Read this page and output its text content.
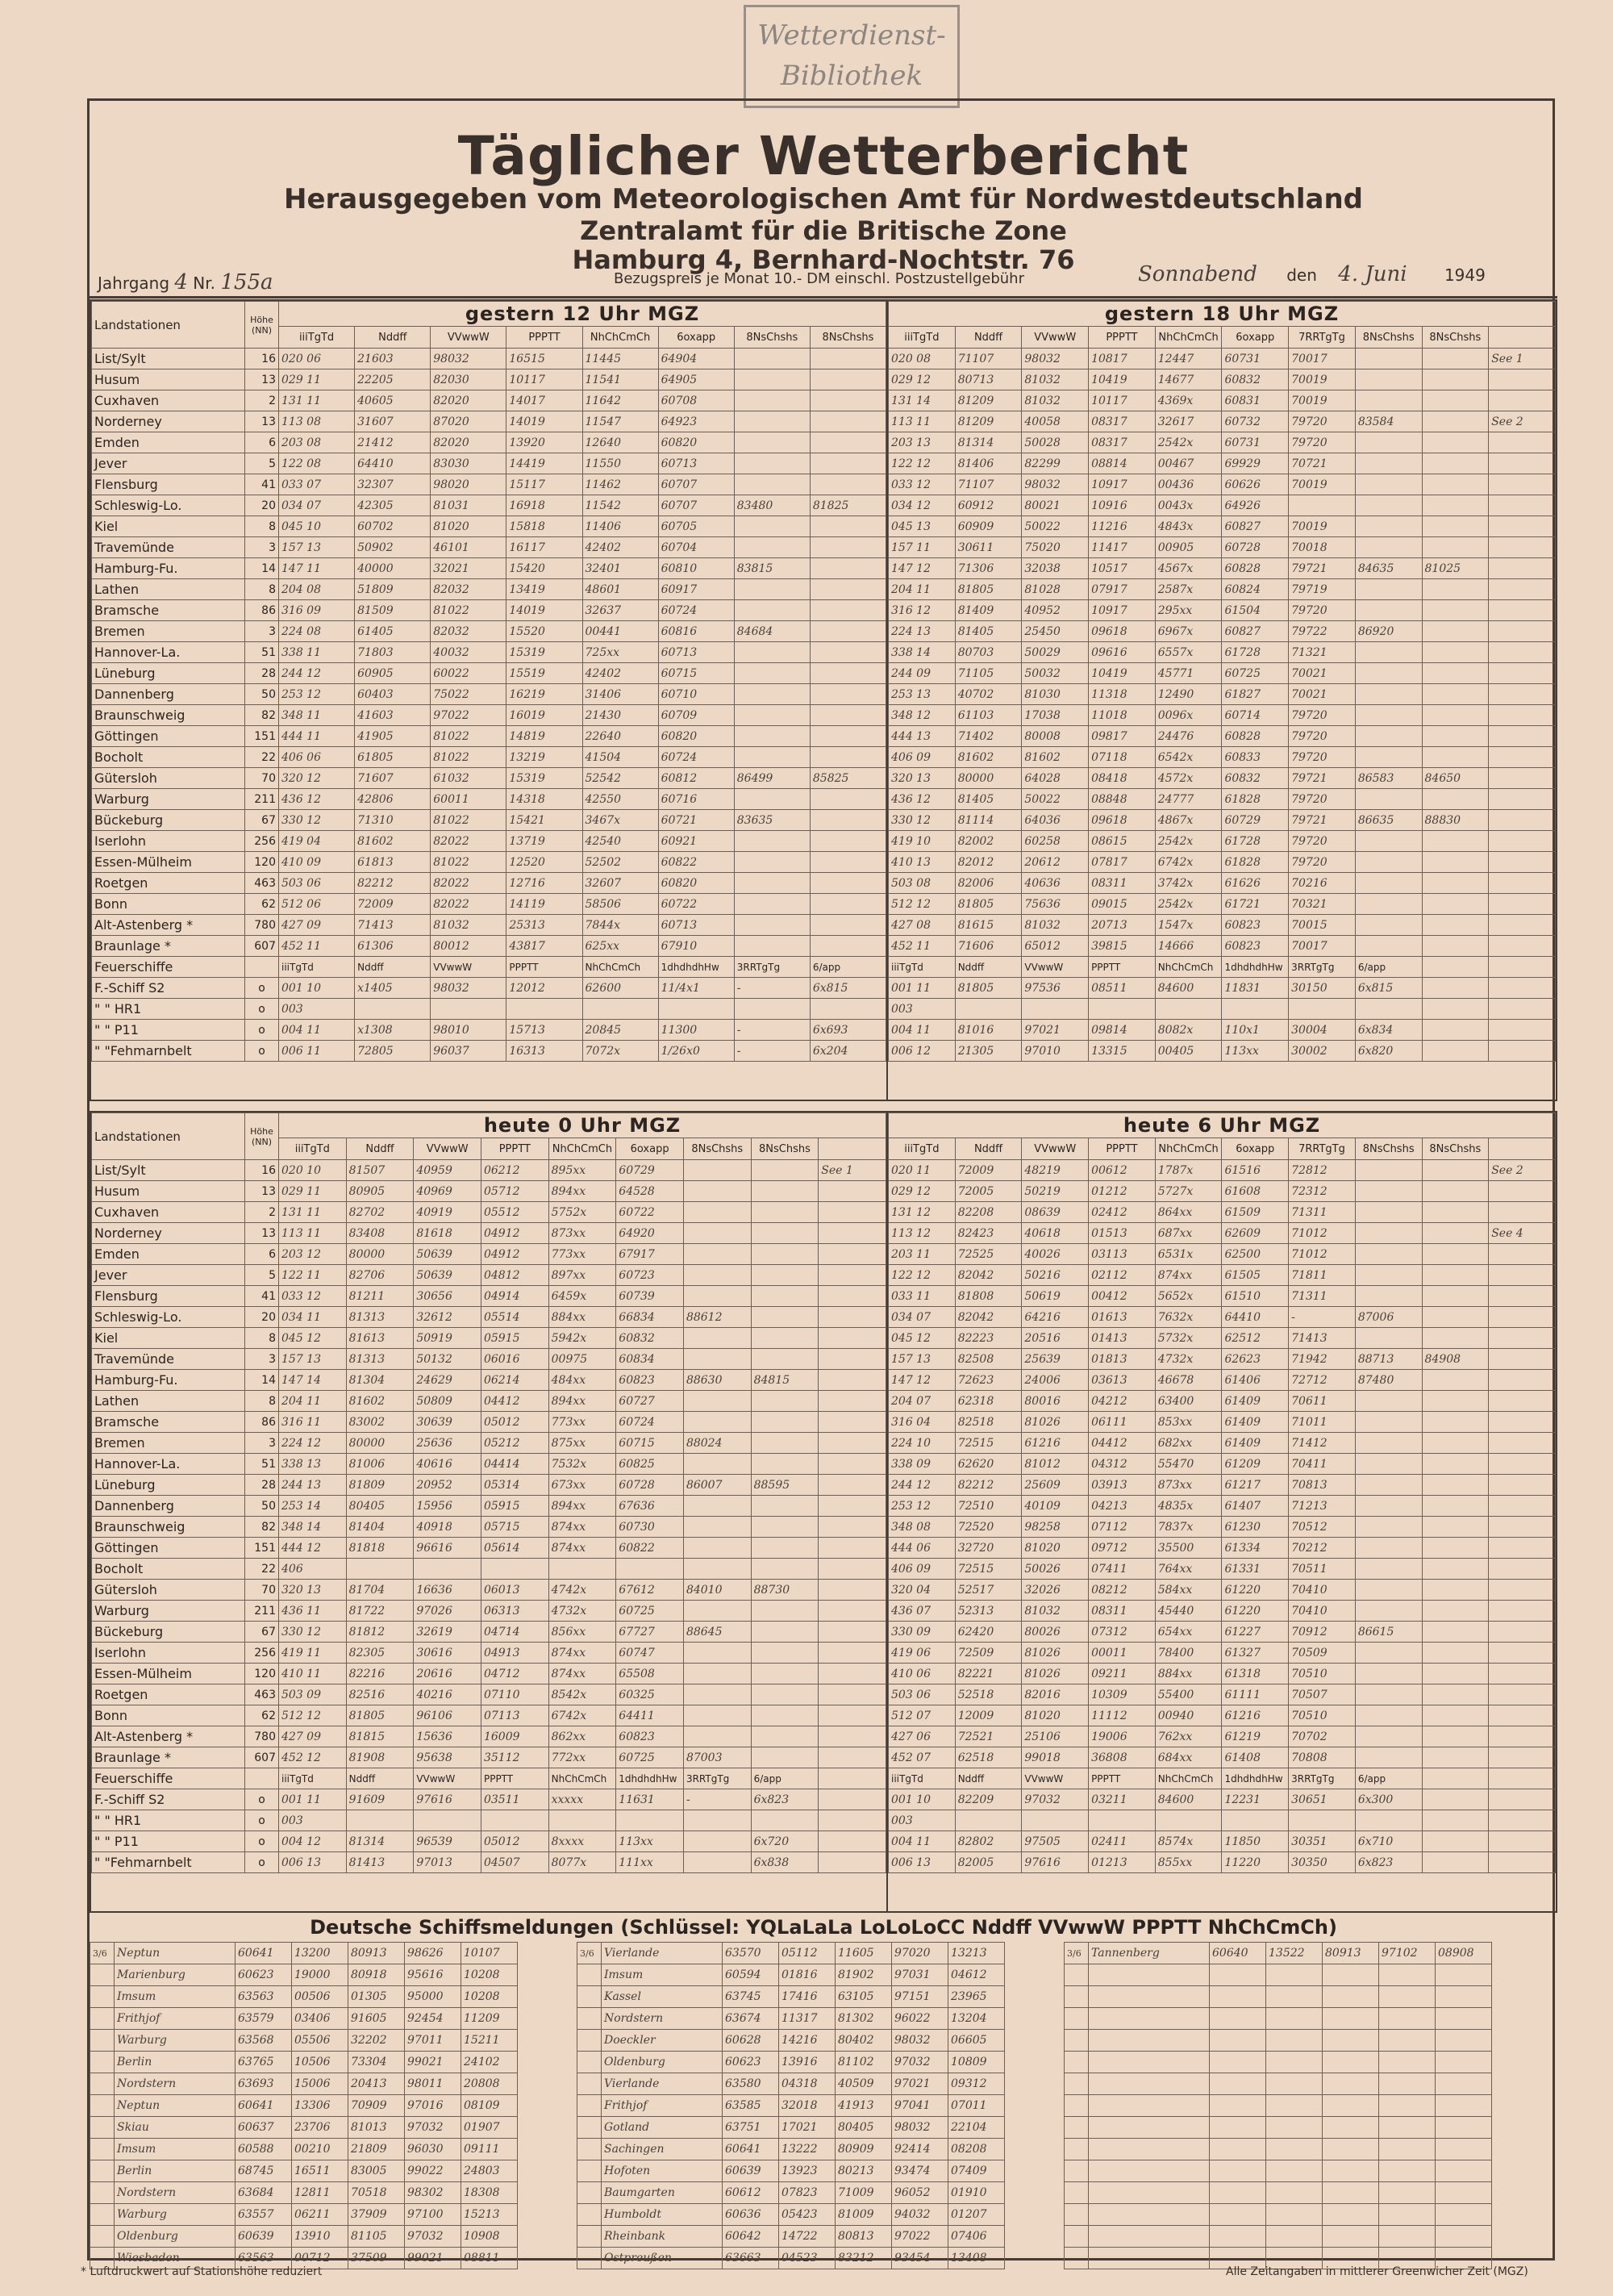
Wetterdienst-
Bibliothek
Täglicher Wetterbericht
Herausgegeben vom Meteorologischen Amt für Nordwestdeutschland
Zentralamt für die Britische Zone
Hamburg 4, Bernhard-Nochtstr. 76
Jahrgang 4 Nr. 155a	Bezugspreis je Monat 10.- DM einschl. Postzustellgebühr	Sonnabend den 4. Juni 1949
Landstationen	Höhe (NN)	gestern 12 Uhr MGZ							
		iiiTgTd	Nddff	VVwwW	PPPTT	NhChCmCh	6oxapp	8NsChshs	8NsChshs
List/Sylt	16	020 06	21603	98032	16515	11445	64904		
Husum	13	029 11	22205	82030	10117	11541	64905		
Cuxhaven	2	131 11	40605	82020	14017	11642	60708		
Norderney	13	113 08	31607	87020	14019	11547	64923		
Emden	6	203 08	21412	82020	13920	12640	60820		
Jever	5	122 08	64410	83030	14419	11550	60713		
Flensburg	41	033 07	32307	98020	15117	11462	60707		
Schleswig-Lo.	20	034 07	42305	81031	16918	11542	60707	83480	81825
Kiel	8	045 10	60702	81020	15818	11406	60705		
Travemünde	3	157 13	50902	46101	16117	42402	60704		
Hamburg-Fu.	14	147 11	40000	32021	15420	32401	60810	83815	
Lathen	8	204 08	51809	82032	13419	48601	60917		
Bramsche	86	316 09	81509	81022	14019	32637	60724		
Bremen	3	224 08	61405	82032	15520	00441	60816	84684	
Hannover-La.	51	338 11	71803	40032	15319	725xx	60713		
Lüneburg	28	244 12	60905	60022	15519	42402	60715		
Dannenberg	50	253 12	60403	75022	16219	31406	60710		
Braunschweig	82	348 11	41603	97022	16019	21430	60709		
Göttingen	151	444 11	41905	81022	14819	22640	60820		
Bocholt	22	406 06	61805	81022	13219	41504	60724		
Gütersloh	70	320 12	71607	61032	15319	52542	60812	86499	85825
Warburg	211	436 12	42806	60011	14318	42550	60716		
Bückeburg	67	330 12	71310	81022	15421	3467x	60721	83635	
Iserlohn	256	419 04	81602	82022	13719	42540	60921		
Essen-Mülheim	120	410 09	61813	81022	12520	52502	60822		
Roetgen	463	503 06	82212	82022	12716	32607	60820		
Bonn	62	512 06	72009	82022	14119	58506	60722		
Alt-Astenberg *	780	427 09	71413	81032	25313	7844x	60713		
Braunlage *	607	452 11	61306	80012	43817	625xx	67910		
Feuerschiffe		iiiTgTd	Nddff	VVwwW	PPPTT	NhChCmCh	1dhdhdhHw	3RRTgTg	6/app
F.-Schiff S2	o	001 10	x1405	98032	12012	62600	11/4x1	-	6x815
" " HR1	o	003							
" " P11	o	004 11	x1308	98010	15713	20845	11300	-	6x693
" "Fehmarnbelt	o	006 11	72805	96037	16313	7072x	1/26x0	-	6x204
gestern 18 Uhr MGZ									
iiiTgTd	Nddff	VVwwW	PPPTT	NhChCmCh	6oxapp	7RRTgTg	8NsChshs	8NsChshs	
020 08	71107	98032	10817	12447	60731	70017			See 1
029 12	80713	81032	10419	14677	60832	70019			
131 14	81209	81032	10117	4369x	60831	70019			
113 11	81209	40058	08317	32617	60732	79720	83584		See 2
203 13	81314	50028	08317	2542x	60731	79720			
122 12	81406	82299	08814	00467	69929	70721			
033 12	71107	98032	10917	00436	60626	70019			
034 12	60912	80021	10916	0043x	64926				
045 13	60909	50022	11216	4843x	60827	70019			
157 11	30611	75020	11417	00905	60728	70018			
147 12	71306	32038	10517	4567x	60828	79721	84635	81025	
204 11	81805	81028	07917	2587x	60824	79719			
316 12	81409	40952	10917	295xx	61504	79720			
224 13	81405	25450	09618	6967x	60827	79722	86920		
338 14	80703	50029	09616	6557x	61728	71321			
244 09	71105	50032	10419	45771	60725	70021			
253 13	40702	81030	11318	12490	61827	70021			
348 12	61103	17038	11018	0096x	60714	79720			
444 13	71402	80008	09817	24476	60828	79720			
406 09	81602	81602	07118	6542x	60833	79720			
320 13	80000	64028	08418	4572x	60832	79721	86583	84650	
436 12	81405	50022	08848	24777	61828	79720			
330 12	81114	64036	09618	4867x	60729	79721	86635	88830	
419 10	82002	60258	08615	2542x	61728	79720			
410 13	82012	20612	07817	6742x	61828	79720			
503 08	82006	40636	08311	3742x	61626	70216			
512 12	81805	75636	09015	2542x	61721	70321			
427 08	81615	81032	20713	1547x	60823	70015			
452 11	71606	65012	39815	14666	60823	70017			
iiiTgTd	Nddff	VVwwW	PPPTT	NhChCmCh	1dhdhdhHw	3RRTgTg	6/app		
001 11	81805	97536	08511	84600	11831	30150	6x815		
003									
004 11	81016	97021	09814	8082x	110x1	30004	6x834		
006 12	21305	97010	13315	00405	113xx	30002	6x820		
Landstationen	Höhe (NN)	heute 0 Uhr MGZ								
		iiiTgTd	Nddff	VVwwW	PPPTT	NhChCmCh	6oxapp	8NsChshs	8NsChshs	
List/Sylt	16	020 10	81507	40959	06212	895xx	60729			See 1
Husum	13	029 11	80905	40969	05712	894xx	64528			
Cuxhaven	2	131 11	82702	40919	05512	5752x	60722			
Norderney	13	113 11	83408	81618	04912	873xx	64920			
Emden	6	203 12	80000	50639	04912	773xx	67917			
Jever	5	122 11	82706	50639	04812	897xx	60723			
Flensburg	41	033 12	81211	30656	04914	6459x	60739			
Schleswig-Lo.	20	034 11	81313	32612	05514	884xx	66834	88612		
Kiel	8	045 12	81613	50919	05915	5942x	60832			
Travemünde	3	157 13	81313	50132	06016	00975	60834			
Hamburg-Fu.	14	147 14	81304	24629	06214	484xx	60823	88630	84815	
Lathen	8	204 11	81602	50809	04412	894xx	60727			
Bramsche	86	316 11	83002	30639	05012	773xx	60724			
Bremen	3	224 12	80000	25636	05212	875xx	60715	88024		
Hannover-La.	51	338 13	81006	40616	04414	7532x	60825			
Lüneburg	28	244 13	81809	20952	05314	673xx	60728	86007	88595	
Dannenberg	50	253 14	80405	15956	05915	894xx	67636			
Braunschweig	82	348 14	81404	40918	05715	874xx	60730			
Göttingen	151	444 12	81818	96616	05614	874xx	60822			
Bocholt	22	406								
Gütersloh	70	320 13	81704	16636	06013	4742x	67612	84010	88730	
Warburg	211	436 11	81722	97026	06313	4732x	60725			
Bückeburg	67	330 12	81812	32619	04714	856xx	67727	88645		
Iserlohn	256	419 11	82305	30616	04913	874xx	60747			
Essen-Mülheim	120	410 11	82216	20616	04712	874xx	65508			
Roetgen	463	503 09	82516	40216	07110	8542x	60325			
Bonn	62	512 12	81805	96106	07113	6742x	64411			
Alt-Astenberg *	780	427 09	81815	15636	16009	862xx	60823			
Braunlage *	607	452 12	81908	95638	35112	772xx	60725	87003		
Feuerschiffe		iiiTgTd	Nddff	VVwwW	PPPTT	NhChCmCh	1dhdhdhHw	3RRTgTg	6/app	
F.-Schiff S2	o	001 11	91609	97616	03511	xxxxx	11631	-	6x823	
" " HR1	o	003								
" " P11	o	004 12	81314	96539	05012	8xxxx	113xx		6x720	
" "Fehmarnbelt	o	006 13	81413	97013	04507	8077x	111xx		6x838	
heute 6 Uhr MGZ									
iiiTgTd	Nddff	VVwwW	PPPTT	NhChCmCh	6oxapp	7RRTgTg	8NsChshs	8NsChshs	
020 11	72009	48219	00612	1787x	61516	72812			See 2
029 12	72005	50219	01212	5727x	61608	72312			
131 12	82208	08639	02412	864xx	61509	71311			
113 12	82423	40618	01513	687xx	62609	71012			See 4
203 11	72525	40026	03113	6531x	62500	71012			
122 12	82042	50216	02112	874xx	61505	71811			
033 11	81808	50619	00412	5652x	61510	71311			
034 07	82042	64216	01613	7632x	64410	-	87006		
045 12	82223	20516	01413	5732x	62512	71413			
157 13	82508	25639	01813	4732x	62623	71942	88713	84908	
147 12	72623	24006	03613	46678	61406	72712	87480		
204 07	62318	80016	04212	63400	61409	70611			
316 04	82518	81026	06111	853xx	61409	71011			
224 10	72515	61216	04412	682xx	61409	71412			
338 09	62620	81012	04312	55470	61209	70411			
244 12	82212	25609	03913	873xx	61217	70813			
253 12	72510	40109	04213	4835x	61407	71213			
348 08	72520	98258	07112	7837x	61230	70512			
444 06	32720	81020	09712	35500	61334	70212			
406 09	72515	50026	07411	764xx	61331	70511			
320 04	52517	32026	08212	584xx	61220	70410			
436 07	52313	81032	08311	45440	61220	70410			
330 09	62420	80026	07312	654xx	61227	70912	86615		
419 06	72509	81026	00011	78400	61327	70509			
410 06	82221	81026	09211	884xx	61318	70510			
503 06	52518	82016	10309	55400	61111	70507			
512 07	12009	81020	11112	00940	61216	70510			
427 06	72521	25106	19006	762xx	61219	70702			
452 07	62518	99018	36808	684xx	61408	70808			
iiiTgTd	Nddff	VVwwW	PPPTT	NhChCmCh	1dhdhdhHw	3RRTgTg	6/app		
001 10	82209	97032	03211	84600	12231	30651	6x300		
003									
004 11	82802	97505	02411	8574x	11850	30351	6x710		
006 13	82005	97616	01213	855xx	11220	30350	6x823		
Deutsche Schiffsmeldungen (Schlüssel: YQLaLaLa LoLoLoCC Nddff VVwwW PPPTT NhChCmCh)
3/6	Neptun	60641	13200	80913	98626	10107
	Marienburg	60623	19000	80918	95616	10208
	Imsum	63563	00506	01305	95000	10208
	Frithjof	63579	03406	91605	92454	11209
	Warburg	63568	05506	32202	97011	15211
	Berlin	63765	10506	73304	99021	24102
	Nordstern	63693	15006	20413	98011	20808
	Neptun	60641	13306	70909	97016	08109
	Skiau	60637	23706	81013	97032	01907
	Imsum	60588	00210	21809	96030	09111
	Berlin	68745	16511	83005	99022	24803
	Nordstern	63684	12811	70518	98302	18308
	Warburg	63557	06211	37909	97100	15213
	Oldenburg	60639	13910	81105	97032	10908
	Wiesbaden	63563	00712	37509	99021	08811
3/6	Vierlande	63570	05112	11605	97020	13213
	Imsum	60594	01816	81902	97031	04612
	Kassel	63745	17416	63105	97151	23965
	Nordstern	63674	11317	81302	96022	13204
	Doeckler	60628	14216	80402	98032	06605
	Oldenburg	60623	13916	81102	97032	10809
	Vierlande	63580	04318	40509	97021	09312
	Frithjof	63585	32018	41913	97041	07011
	Gotland	63751	17021	80405	98032	22104
	Sachingen	60641	13222	80909	92414	08208
	Hofoten	60639	13923	80213	93474	07409
	Baumgarten	60612	07823	71009	96052	01910
	Humboldt	60636	05423	81009	94032	01207
	Rheinbank	60642	14722	80813	97022	07406
	Ostpreußen	63663	04523	83212	93454	13408
3/6	Tannenberg	60640	13522	80913	97102	08908

* Luftdruckwert auf Stationshöhe reduziert	Alle Zeitangaben in mittlerer Greenwicher Zeit (MGZ)
